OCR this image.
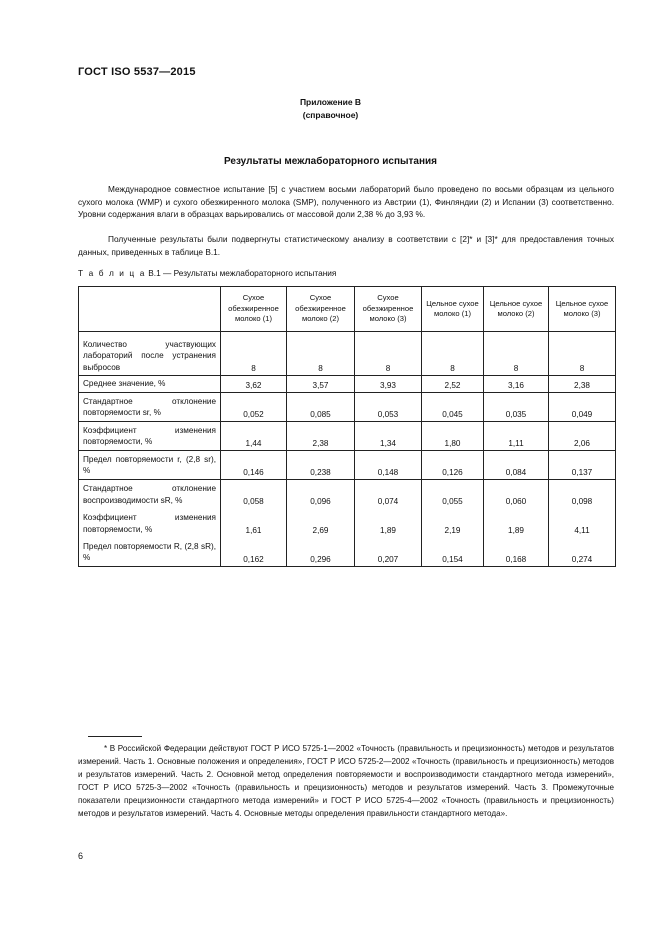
ГОСТ ISO 5537—2015
Приложение В
(справочное)
Результаты межлабораторного испытания

Международное совместное испытание [5] с участием восьми лабораторий было проведено по восьми образцам из цельного сухого молока (WMP) и сухого обезжиренного молока (SMP), полученного из Австрии (1), Финляндии (2) и Испании (3) соответственно. Уровни содержания влаги в образцах варьировались от массовой доли 2,38 % до 3,93 %.

Полученные результаты были подвергнуты статистическому анализу в соответствии с [2]* и [3]* для предоставления точных данных, приведенных в таблице В.1.

Т а б л и ц а В.1 — Результаты межлабораторного испытания
	Сухое обезжиренное молоко (1)	Сухое обезжиренное молоко (2)	Сухое обезжиренное молоко (3)	Цельное сухое молоко (1)	Цельное сухое молоко (2)	Цельное сухое молоко (3)
Количество участвующих лабораторий после устранения выбросов	8	8	8	8	8	8
Среднее значение, %	3,62	3,57	3,93	2,52	3,16	2,38
Стандартное отклонение повторяемости sr, %	0,052	0,085	0,053	0,045	0,035	0,049
Коэффициент изменения повторяемости, %	1,44	2,38	1,34	1,80	1,11	2,06
Предел повторяемости r, (2,8 sr), %	0,146	0,238	0,148	0,126	0,084	0,137
Стандартное отклонение воспроизводимости sR, %	0,058	0,096	0,074	0,055	0,060	0,098
Коэффициент изменения повторяемости, %	1,61	2,69	1,89	2,19	1,89	4,11
Предел повторяемости R, (2,8 sR), %	0,162	0,296	0,207	0,154	0,168	0,274
* В Российской Федерации действуют ГОСТ Р ИСО 5725-1—2002 «Точность (правильность и прецизионность) методов и результатов измерений. Часть 1. Основные положения и определения», ГОСТ Р ИСО 5725-2—2002 «Точность (правильность и прецизионность) методов и результатов измерений. Часть 2. Основной метод определения повторяемости и воспроизводимости стандартного метода измерений», ГОСТ Р ИСО 5725-3—2002 «Точность (правильность и прецизионность) методов и результатов измерений. Часть 3. Промежуточные показатели прецизионности стандартного метода измерений» и ГОСТ Р ИСО 5725-4—2002 «Точность (правильность и прецизионность) методов и результатов измерений. Часть 4. Основные методы определения правильности стандартного метода».
6
